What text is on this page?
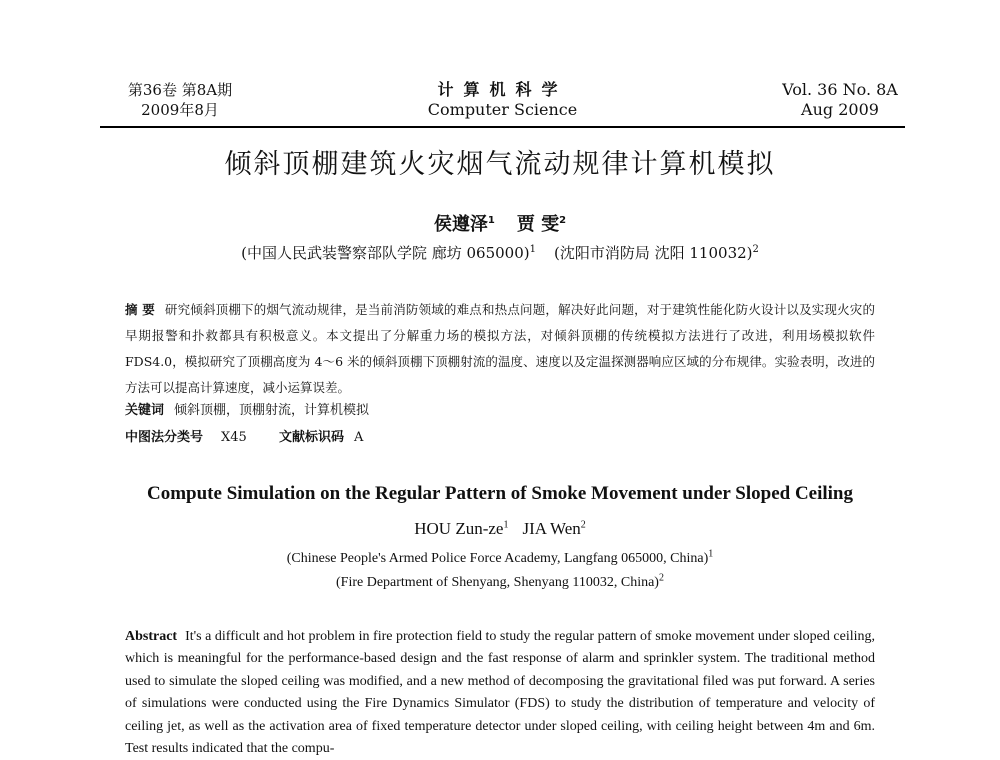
第36卷 第8A期
2009年8月
计算机科学
Computer Science
Vol. 36 No. 8A
Aug 2009
倾斜顶棚建筑火灾烟气流动规律计算机模拟
侯遵泽$^1$ 贾 雯$^2$
(中国人民武装警察部队学院 廊坊 065000)$^1$ (沈阳市消防局 沈阳 110032)$^2$
摘 要 研究倾斜顶棚下的烟气流动规律，是当前消防领域的难点和热点问题，解决好此问题，对于建筑性能化防火设计以及实现火灾的早期报警和扑救都具有积极意义。本文提出了分解重力场的模拟方法，对倾斜顶棚的传统模拟方法进行了改进，利用场模拟软件 FDS4.0，模拟研究了顶棚高度为 4～6 米的倾斜顶棚下顶棚射流的温度、速度以及定温探测器响应区域的分布规律。实验表明，改进的方法可以提高计算速度，减小运算误差。
关键词 倾斜顶棚，顶棚射流，计算机模拟
中图法分类号 X45 文献标识码 A
Compute Simulation on the Regular Pattern of Smoke Movement under Sloped Ceiling
HOU Zun-$ze^1$ JIA Wen$^2$
(Chinese People's Armed Police Force Academy, Langfang 065000, China)$^1$
(Fire Department of Shenyang, Shenyang 110032, China)$^2$
Abstract It's a difficult and hot problem in fire protection field to study the regular pattern of smoke movement under sloped ceiling, which is meaningful for the performance-based design and the fast response of alarm and sprinkler system. The traditional method used to simulate the sloped ceiling was modified, and a new method of decomposing the gravitational filed was put forward. A series of simulations were conducted using the Fire Dynamics Simulator (FDS) to study the distribution of temperature and velocity of ceiling jet, as well as the activation area of fixed temperature detector under sloped ceiling, with ceiling height between 4m and 6m. Test results indicated that the compu-
